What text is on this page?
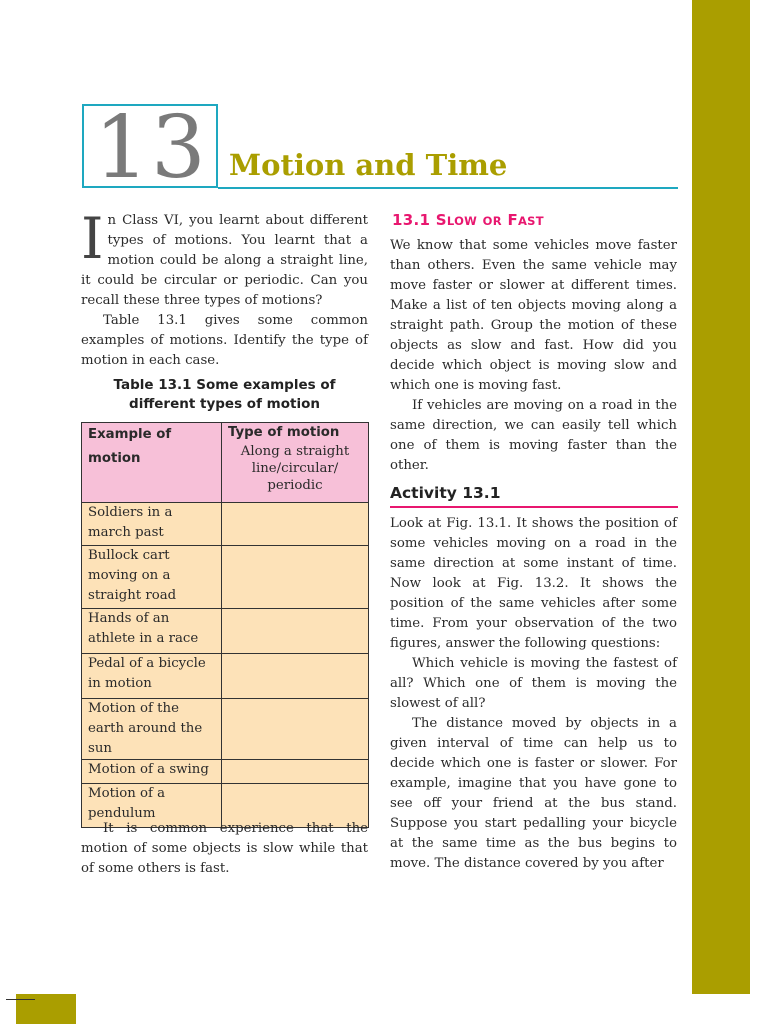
13 Motion and Time

In Class VI, you learnt about different types of motions. You learnt that a motion could be along a straight line, it could be circular or periodic. Can you recall these three types of motions?

Table 13.1 gives some common examples of motions. Identify the type of motion in each case.

Table 13.1 Some examples of
different types of motion
Example of motion	Type of motion
Along a straight line/circular/ periodic

Soldiers in a march past	
Bullock cart moving on a straight road	
Hands of an athlete in a race	
Pedal of a bicycle in motion	
Motion of the earth around the sun	
Motion of a swing	
Motion of a pendulum	

It is common experience that the motion of some objects is slow while that of some others is fast.

13.1 SLOW OR FAST

We know that some vehicles move faster than others. Even the same vehicle may move faster or slower at different times. Make a list of ten objects moving along a straight path. Group the motion of these objects as slow and fast. How did you decide which object is moving slow and which one is moving fast.

If vehicles are moving on a road in the same direction, we can easily tell which one of them is moving faster than the other.

Activity 13.1

Look at Fig. 13.1. It shows the position of some vehicles moving on a road in the same direction at some instant of time. Now look at Fig. 13.2. It shows the position of the same vehicles after some time. From your observation of the two figures, answer the following questions:

Which vehicle is moving the fastest of all? Which one of them is moving the slowest of all?

The distance moved by objects in a given interval of time can help us to decide which one is faster or slower. For example, imagine that you have gone to see off your friend at the bus stand. Suppose you start pedalling your bicycle at the same time as the bus begins to move. The distance covered by you after
